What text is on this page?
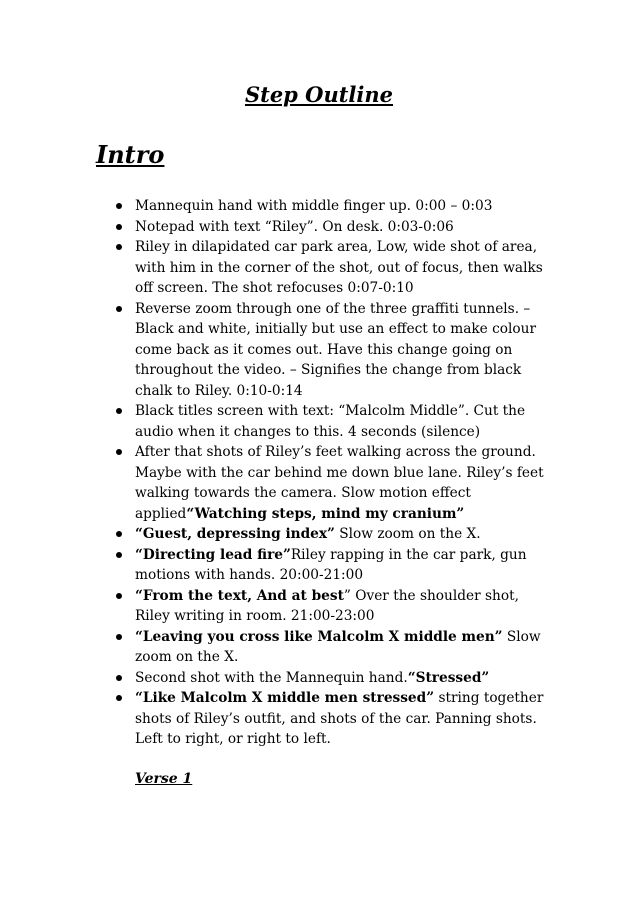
Step Outline
Intro
Mannequin hand with middle finger up. 0:00 – 0:03
Notepad with text “Riley”. On desk. 0:03-0:06
Riley in dilapidated car park area, Low, wide shot of area, with him in the corner of the shot, out of focus, then walks off screen. The shot refocuses 0:07-0:10
Reverse zoom through one of the three graffiti tunnels. – Black and white, initially but use an effect to make colour come back as it comes out. Have this change going on throughout the video. – Signifies the change from black chalk to Riley. 0:10-0:14
Black titles screen with text: “Malcolm Middle”. Cut the audio when it changes to this. 4 seconds (silence)
After that shots of Riley’s feet walking across the ground. Maybe with the car behind me down blue lane. Riley’s feet walking towards the camera. Slow motion effect applied“Watching steps, mind my cranium”
“Guest, depressing index” Slow zoom on the X.
“Directing lead fire”Riley rapping in the car park, gun motions with hands. 20:00-21:00
“From the text, And at best” Over the shoulder shot, Riley writing in room. 21:00-23:00
“Leaving you cross like Malcolm X middle men” Slow zoom on the X.
Second shot with the Mannequin hand.“Stressed”
“Like Malcolm X middle men stressed” string together shots of Riley’s outfit, and shots of the car. Panning shots. Left to right, or right to left.
Verse 1
